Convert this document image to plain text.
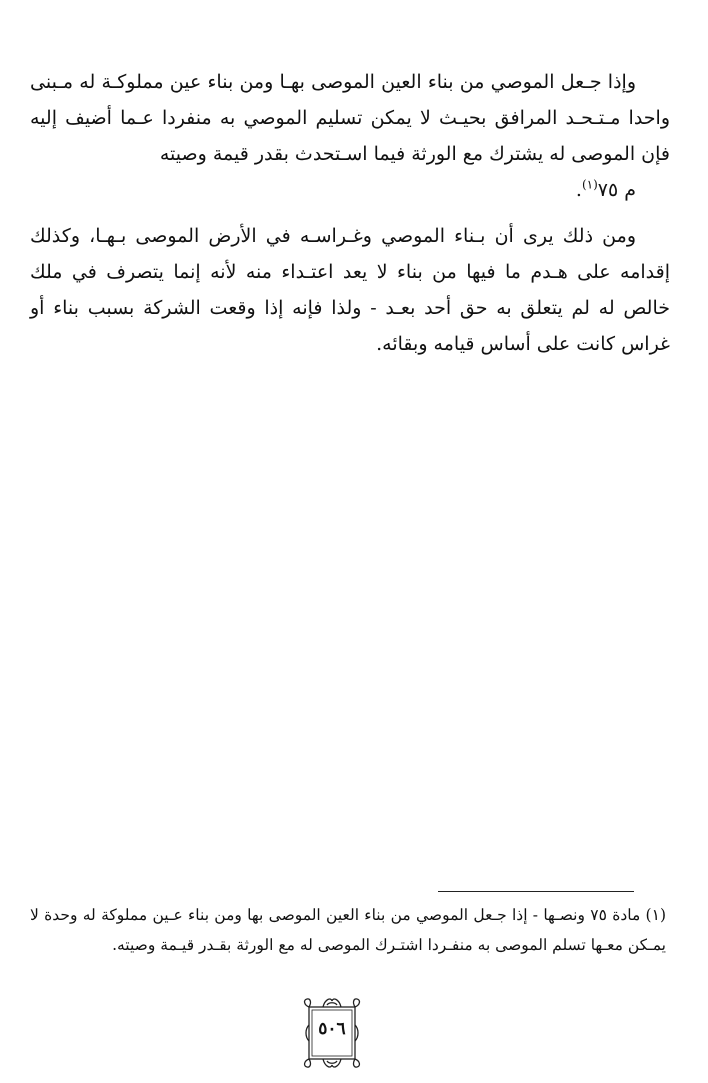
وإذا جـعل الموصي من بناء العين الموصى بهـا ومن بناء عين مملوكـة له مـبنى واحدا مـتـحـد المرافق بحيـث لا يمكن تسليم الموصي به منفردا عـما أضيف إليه فإن الموصى له يشترك مع الورثة فيما اسـتحدث بقدر قيمة وصيته
م ٧٥$^{(١)}$.

ومن ذلك يرى أن بـناء الموصي وغـراسـه في الأرض الموصى بـهـا، وكذلك إقدامه على هـدم ما فيها من بناء لا يعد اعتـداء منه لأنه إنما يتصرف في ملك خالص له لم يتعلق به حق أحد بعـد - ولذا فإنه إذا وقعت الشركة بسبب بناء أو غراس كانت على أساس قيامه وبقائه.

(١) مادة ٧٥ ونصـها - إذا جـعل الموصي من بناء العين الموصى بها ومن بناء عـين مملوكة له وحدة لا يمـكن معـها تسلم الموصى به منفـردا اشتـرك الموصى له مع الورثة بقـدر قيـمة وصيته.

٥٠٦
